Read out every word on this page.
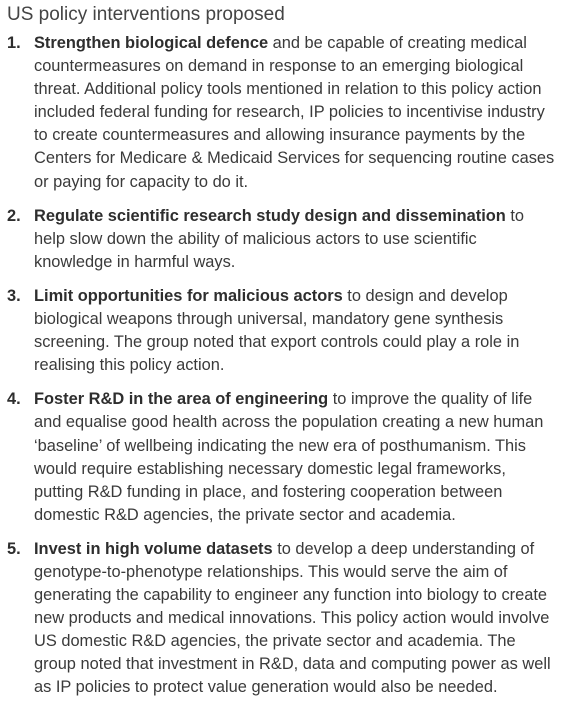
US policy interventions proposed
1. Strengthen biological defence and be capable of creating medical countermeasures on demand in response to an emerging biological threat. Additional policy tools mentioned in relation to this policy action included federal funding for research, IP policies to incentivise industry to create countermeasures and allowing insurance payments by the Centers for Medicare & Medicaid Services for sequencing routine cases or paying for capacity to do it.
2. Regulate scientific research study design and dissemination to help slow down the ability of malicious actors to use scientific knowledge in harmful ways.
3. Limit opportunities for malicious actors to design and develop biological weapons through universal, mandatory gene synthesis screening. The group noted that export controls could play a role in realising this policy action.
4. Foster R&D in the area of engineering to improve the quality of life and equalise good health across the population creating a new human ‘baseline’ of wellbeing indicating the new era of posthumanism. This would require establishing necessary domestic legal frameworks, putting R&D funding in place, and fostering cooperation between domestic R&D agencies, the private sector and academia.
5. Invest in high volume datasets to develop a deep understanding of genotype-to-phenotype relationships. This would serve the aim of generating the capability to engineer any function into biology to create new products and medical innovations. This policy action would involve US domestic R&D agencies, the private sector and academia. The group noted that investment in R&D, data and computing power as well as IP policies to protect value generation would also be needed.
